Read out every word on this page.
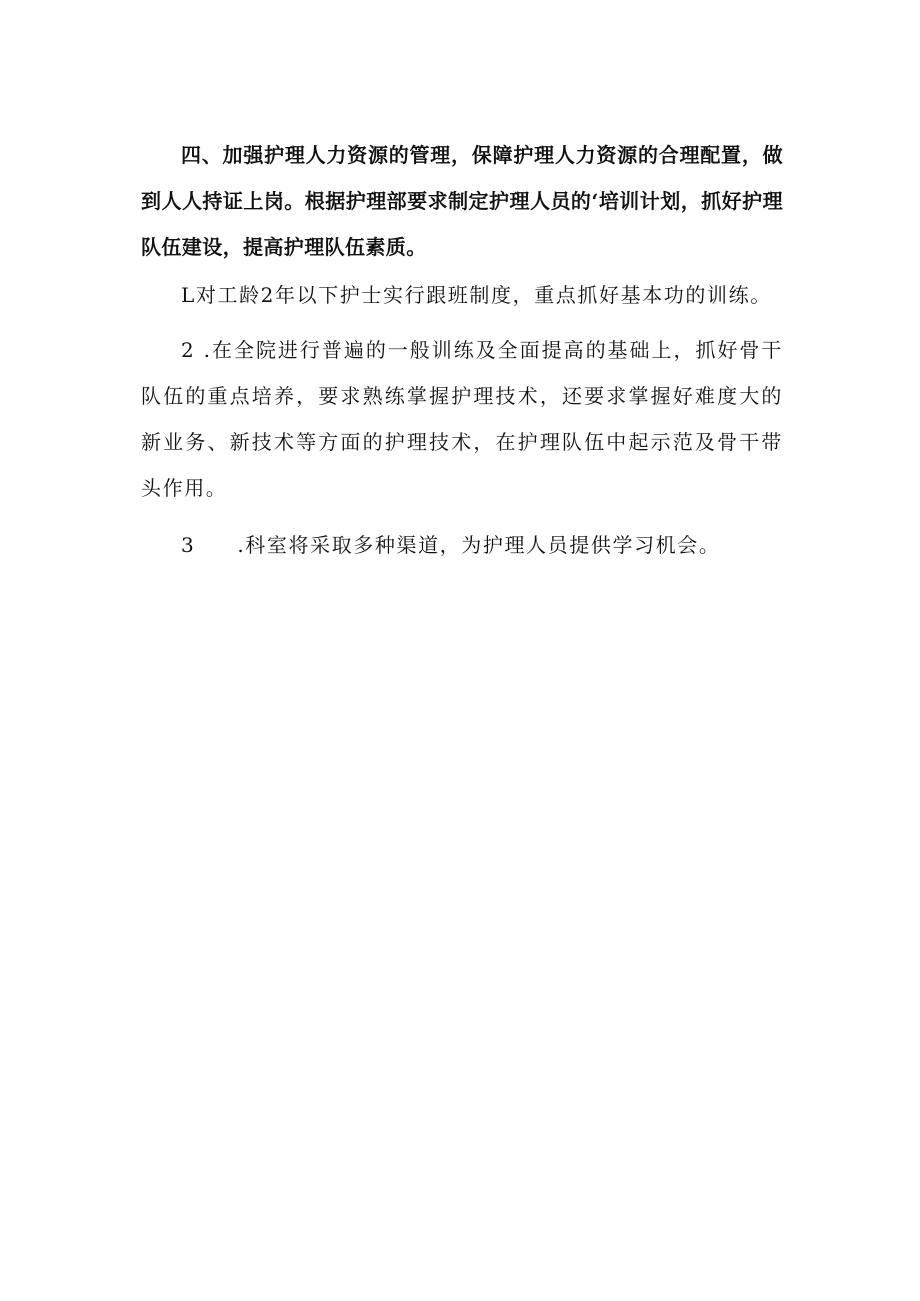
四、加强护理人力资源的管理，保障护理人力资源的合理配置，做到人人持证上岗。根据护理部要求制定护理人员的‘培训计划，抓好护理队伍建设，提高护理队伍素质。

L对工龄2年以下护士实行跟班制度，重点抓好基本功的训练。

2 .在全院进行普遍的一般训练及全面提高的基础上，抓好骨干队伍的重点培养，要求熟练掌握护理技术，还要求掌握好难度大的新业务、新技术等方面的护理技术，在护理队伍中起示范及骨干带头作用。

3 .科室将采取多种渠道，为护理人员提供学习机会。
